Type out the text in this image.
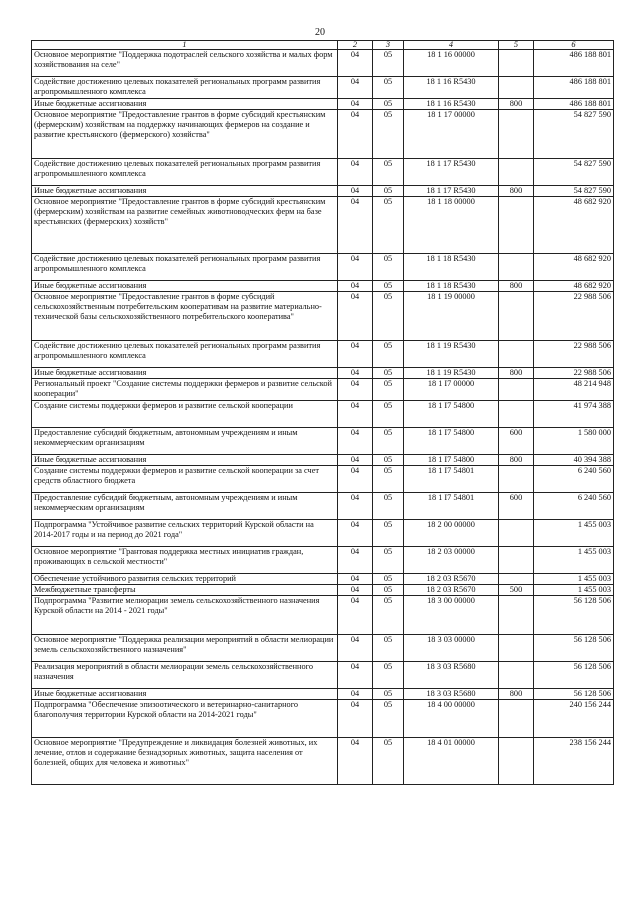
20
1	2	3	4	5	6
Основное мероприятие "Поддержка подотраслей сельского хозяйства и малых форм хозяйствования на селе"	04	05	18 1 16 00000		486 188 801
Содействие достижению целевых показателей региональных программ развития агропромышленного комплекса	04	05	18 1 16 R5430		486 188 801
Иные бюджетные ассигнования	04	05	18 1 16 R5430	800	486 188 801
Основное мероприятие "Предоставление грантов в форме субсидий крестьянским (фермерским) хозяйствам на поддержку начинающих фермеров на создание и развитие крестьянского (фермерского) хозяйства"	04	05	18 1 17 00000		54 827 590
Содействие достижению целевых показателей региональных программ развития агропромышленного комплекса	04	05	18 1 17 R5430		54 827 590
Иные бюджетные ассигнования	04	05	18 1 17 R5430	800	54 827 590
Основное мероприятие "Предоставление грантов в форме субсидий крестьянским (фермерским) хозяйствам на развитие семейных животноводческих ферм на базе крестьянских (фермерских) хозяйств"	04	05	18 1 18 00000		48 682 920
Содействие достижению целевых показателей региональных программ развития агропромышленного комплекса	04	05	18 1 18 R5430		48 682 920
Иные бюджетные ассигнования	04	05	18 1 18 R5430	800	48 682 920
Основное мероприятие "Предоставление грантов в форме субсидий сельскохозяйственным потребительским кооперативам на развитие материально-технической базы сельскохозяйственного потребительского кооператива"	04	05	18 1 19 00000		22 988 506
Содействие достижению целевых показателей региональных программ развития агропромышленного комплекса	04	05	18 1 19 R5430		22 988 506
Иные бюджетные ассигнования	04	05	18 1 19 R5430	800	22 988 506
Региональный проект "Создание системы поддержки фермеров и развитие сельской кооперации"	04	05	18 1 I7 00000		48 214 948
Создание системы поддержки фермеров и развитие сельской кооперации	04	05	18 1 I7 54800		41 974 388
Предоставление субсидий бюджетным, автономным учреждениям и иным некоммерческим организациям	04	05	18 1 I7 54800	600	1 580 000
Иные бюджетные ассигнования	04	05	18 1 I7 54800	800	40 394 388
Создание системы поддержки фермеров и развитие сельской кооперации за счет средств областного бюджета	04	05	18 1 I7 54801		6 240 560
Предоставление субсидий бюджетным, автономным учреждениям и иным некоммерческим организациям	04	05	18 1 I7 54801	600	6 240 560
Подпрограмма "Устойчивое развитие сельских территорий Курской области на 2014-2017 годы и на период до 2021 года"	04	05	18 2 00 00000		1 455 003
Основное мероприятие "Грантовая поддержка местных инициатив граждан, проживающих в сельской местности"	04	05	18 2 03 00000		1 455 003
Обеспечение устойчивого развития сельских территорий	04	05	18 2 03 R5670		1 455 003
Межбюджетные трансферты	04	05	18 2 03 R5670	500	1 455 003
Подпрограмма "Развитие мелиорации земель сельскохозяйственного назначения Курской области на 2014 - 2021 годы"	04	05	18 3 00 00000		56 128 506
Основное мероприятие "Поддержка реализации мероприятий в области мелиорации земель сельскохозяйственного назначения"	04	05	18 3 03 00000		56 128 506
Реализация мероприятий в области мелиорации земель сельскохозяйственного назначения	04	05	18 3 03 R5680		56 128 506
Иные бюджетные ассигнования	04	05	18 3 03 R5680	800	56 128 506
Подпрограмма "Обеспечение эпизоотического и ветеринарно-санитарного благополучия территории Курской области на 2014-2021 годы"	04	05	18 4 00 00000		240 156 244
Основное мероприятие "Предупреждение и ликвидация болезней животных, их лечение, отлов и содержание безнадзорных животных, защита населения от болезней, общих для человека и животных"	04	05	18 4 01 00000		238 156 244
